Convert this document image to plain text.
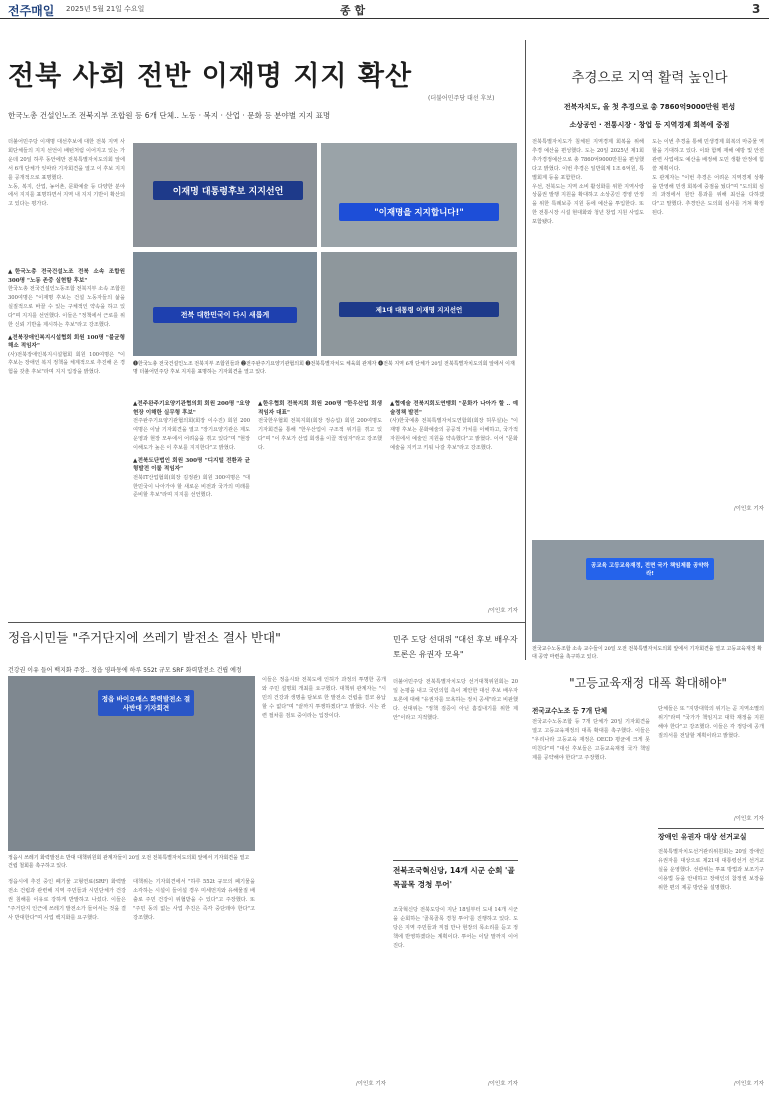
전주매일 2025년 5월 21일 수요일	종 합	3
전북 사회 전반 이재명 지지 확산
(더불어민주당 대선 후보)
한국노총 건설인노조 전북지부 조합원 등 6개 단체‥ 노동 · 복지 · 산업 · 문화 등 분야별 지지 표명
더불어민주당 이재명 대선후보에 대한 전북 지역 사회단체들의 지지 선언이 배턴처럼 이어지고 있는 가운데 20일 하루 동안에만 전북특별자치도의회 앞에서 6개 단체가 잇따라 기자회견을 열고 이 후보 지지를 공개적으로 표명했다.
노동, 복지, 산업, 농어촌, 문화예술 등 다양한 분야에서 지지를 표명하면서 지역 내 지지 기반이 확산되고 있다는 평가다.
이재명 대통령후보 지지선언
"이재명을 지지합니다!"
전북 대한민국이 다시 새롭게
제1대 대통령 이재명 지지선언
❶한국노총 전국건설인노조 전북지부 조합원들과 ❷전주완주기요양기관협의회 ❸전북특별자치도 체육회 관계자 ❹전북 지역 6개 단체가 20일 전북특별자치도의회 앞에서 이재명 더불어민주당 후보 지지를 표명하는 기자회견을 열고 있다.
▲한국노총 전국건설노조 전북 소속 조합원 300명 "노동 존중 실현할 후보"
한국노총 전국건설인노동조합 전북지부 소속 조합원 300여명은 "이재명 후보는 건설 노동자들의 삶을 실질적으로 바꿀 수 있는 구체적인 약속을 하고 있다"며 지지를 선언했다. 이들은 "정책에서 근로를 위한 신뢰 기반을 제시하는 후보"라고 강조했다.
▲전북장애인복지시설협회 회원 100명 "불균형 해소 적임자"
(사)전북장애인복지시설협회 회원 100여명은 "이 후보는 장애인 복지 정책을 체계적으로 추진해 온 경험을 갖춘 후보"라며 지지 입장을 밝혔다.
▲전주완주기요양기관협의회 회원 200명 "요양 현장 이해한 실무형 후보"
전주완주기요양기관협의회(회장 이수진) 회원 200여명은 이날 기자회견을 열고 "장기요양기관은 제도 운영과 현장 모두에서 어려움을 겪고 있다"며 "현장 이해도가 높은 이 후보를 지지한다"고 밝혔다.
▲전북도단법인 회원 300명 "디지털 전환과 균형발전 이룰 적임자"
전북IT산업협회(회장 김정관) 회원 300여명은 "대한민국이 나아가야 할 새로운 비전과 국가의 미래를 준비할 후보"라며 지지를 선언했다.
▲한우협회 전북지회 회원 200명 "한우산업 회생 적임자 대표"
전국한우협회 전북지회(회장 정승섭) 회원 200여명도 기자회견을 통해 "한우산업이 구조적 위기를 겪고 있다"며 "이 후보가 산업 회생을 이끌 적임자"라고 강조했다.
▲협예술 전북지회도연맹회 "문화가 나아가 할 ‥ 예술정책 발전"
(사)한국예총 전북특별자치도연합회(회장 허무실)는 "이재명 후보는 문화예술의 공공적 가치를 이해하고, 국가적 자원에서 예술인 지원을 약속했다"고 밝혔다. 이어 "문화 예술을 지키고 키워 나갈 후보"라고 강조했다.
/이인호 기자
추경으로 지역 활력 높인다
전북자치도, 올 첫 추경으로 총 7860억9000만원 편성
소상공인 · 전통시장 · 창업 등 지역경제 회복에 중점
전북특별자치도가 침체된 지역경제 회복을 위해 추경 예산을 편성했다. 도는 20일 2025년 제1회 추가경정예산으로 총 7860억9000만원을 편성했다고 밝혔다. 이번 추경은 일반회계 1조 6억원, 특별회계 등을 포함한다.
우선, 전북도는 지역 소비 활성화를 위한 지역사랑상품권 발행 지원을 확대하고 소상공인 경영 안정을 위한 특례보증 지원 등에 예산을 투입한다. 또한 전통시장 시설 현대화와 청년 창업 지원 사업도 포함됐다.
도는 이번 추경을 통해 민생경제 회복의 마중물 역할을 기대하고 있다. 이와 함께 재해 예방 및 안전 관련 사업에도 예산을 배정해 도민 생활 안정에 힘쓸 계획이다.
도 관계자는 "이번 추경은 어려운 지역경제 상황을 반영해 민생 회복에 중점을 뒀다"며 "도의회 심의 과정에서 원안 통과를 위해 최선을 다하겠다"고 말했다. 추경안은 도의회 심사를 거쳐 확정된다.
/이인호 기자
공교육 고등교육재정, 전면 국가 책임제를 공약하라!
전국교수노동조합 소속 교수들이 20일 오전 전북특별자치도의회 앞에서 기자회견을 열고 고등교육재정 확대 공약 마련을 촉구하고 있다.
정읍시민들 "주거단지에 쓰레기 발전소 결사 반대"
건강권 이유 들어 백지화 주장‥ 정읍 영파동에 하루 552t 규모 SRF 화력발전소 건립 예정
정읍 바이오매스 화력발전소 결사반대 기자회견
정읍시 쓰레기 화력발전소 반대 대책위원회 관계자들이 20일 오전 전북특별자치도의회 앞에서 기자회견을 열고 건립 철회를 촉구하고 있다.
정읍시에 추진 중인 폐기물 고형연료(SRF) 화력발전소 건립과 관련해 지역 주민들과 시민단체가 건강권 침해를 이유로 강하게 반발하고 나섰다. 이들은 "주거단지 인근에 쓰레기 발전소가 들어서는 것을 결사 반대한다"며 사업 백지화를 요구했다.
대책위는 기자회견에서 "하루 552t 규모의 폐기물을 소각하는 시설이 들어설 경우 미세먼지와 유해물질 배출로 주민 건강이 위협받을 수 있다"고 주장했다. 또 "주민 동의 없는 사업 추진은 즉각 중단돼야 한다"고 강조했다.
이들은 정읍시와 전북도에 인허가 과정의 투명한 공개와 주민 설명회 개최를 요구했다. 대책위 관계자는 "시민의 건강과 생명을 담보로 한 발전소 건립을 결코 용납할 수 없다"며 "끝까지 투쟁하겠다"고 밝혔다. 시는 관련 절차를 검토 중이라는 입장이다.
/이인호 기자
민주 도당 선대위 "대선 후보 배우자 토론은 유권자 모욕"
더불어민주당 전북특별자치도당 선거대책위원회는 20일 논평을 내고 국민의힘 측이 제안한 대선 후보 배우자 토론에 대해 "유권자를 모욕하는 정치 공세"라고 비판했다. 선대위는 "정책 검증이 아닌 흠집내기를 위한 제안"이라고 지적했다.
전북조국혁신당, 14개 시군 순회 '골목골목 경청 투어'
조국혁신당 전북도당이 지난 18일부터 도내 14개 시군을 순회하는 '골목골목 경청 투어'를 진행하고 있다. 도당은 지역 주민들과 직접 만나 현장의 목소리를 듣고 정책에 반영하겠다는 계획이다. 투어는 이달 말까지 이어진다.
/이인호 기자
"고등교육재정 대폭 확대해야"
전국교수노조 등 7개 단체
전국교수노동조합 등 7개 단체가 20일 기자회견을 열고 고등교육재정의 대폭 확대를 촉구했다. 이들은 "우리나라 고등교육 재정은 OECD 평균에 크게 못 미친다"며 "대선 후보들은 고등교육재정 국가 책임제를 공약해야 한다"고 주장했다.
단체들은 또 "지방대학의 위기는 곧 지역소멸의 위기"라며 "국가가 책임지고 대학 재정을 지원해야 한다"고 강조했다. 이들은 각 정당에 공개 질의서를 전달할 계획이라고 밝혔다.
/이인호 기자
장애인 유권자 대상 선거교실
전북특별자치도선거관리위원회는 20일 장애인 유권자를 대상으로 제21대 대통령선거 선거교실을 운영했다. 선관위는 투표 방법과 보조기구 이용법 등을 안내하고 장애인의 참정권 보장을 위한 편의 제공 방안을 설명했다.
/이인호 기자
